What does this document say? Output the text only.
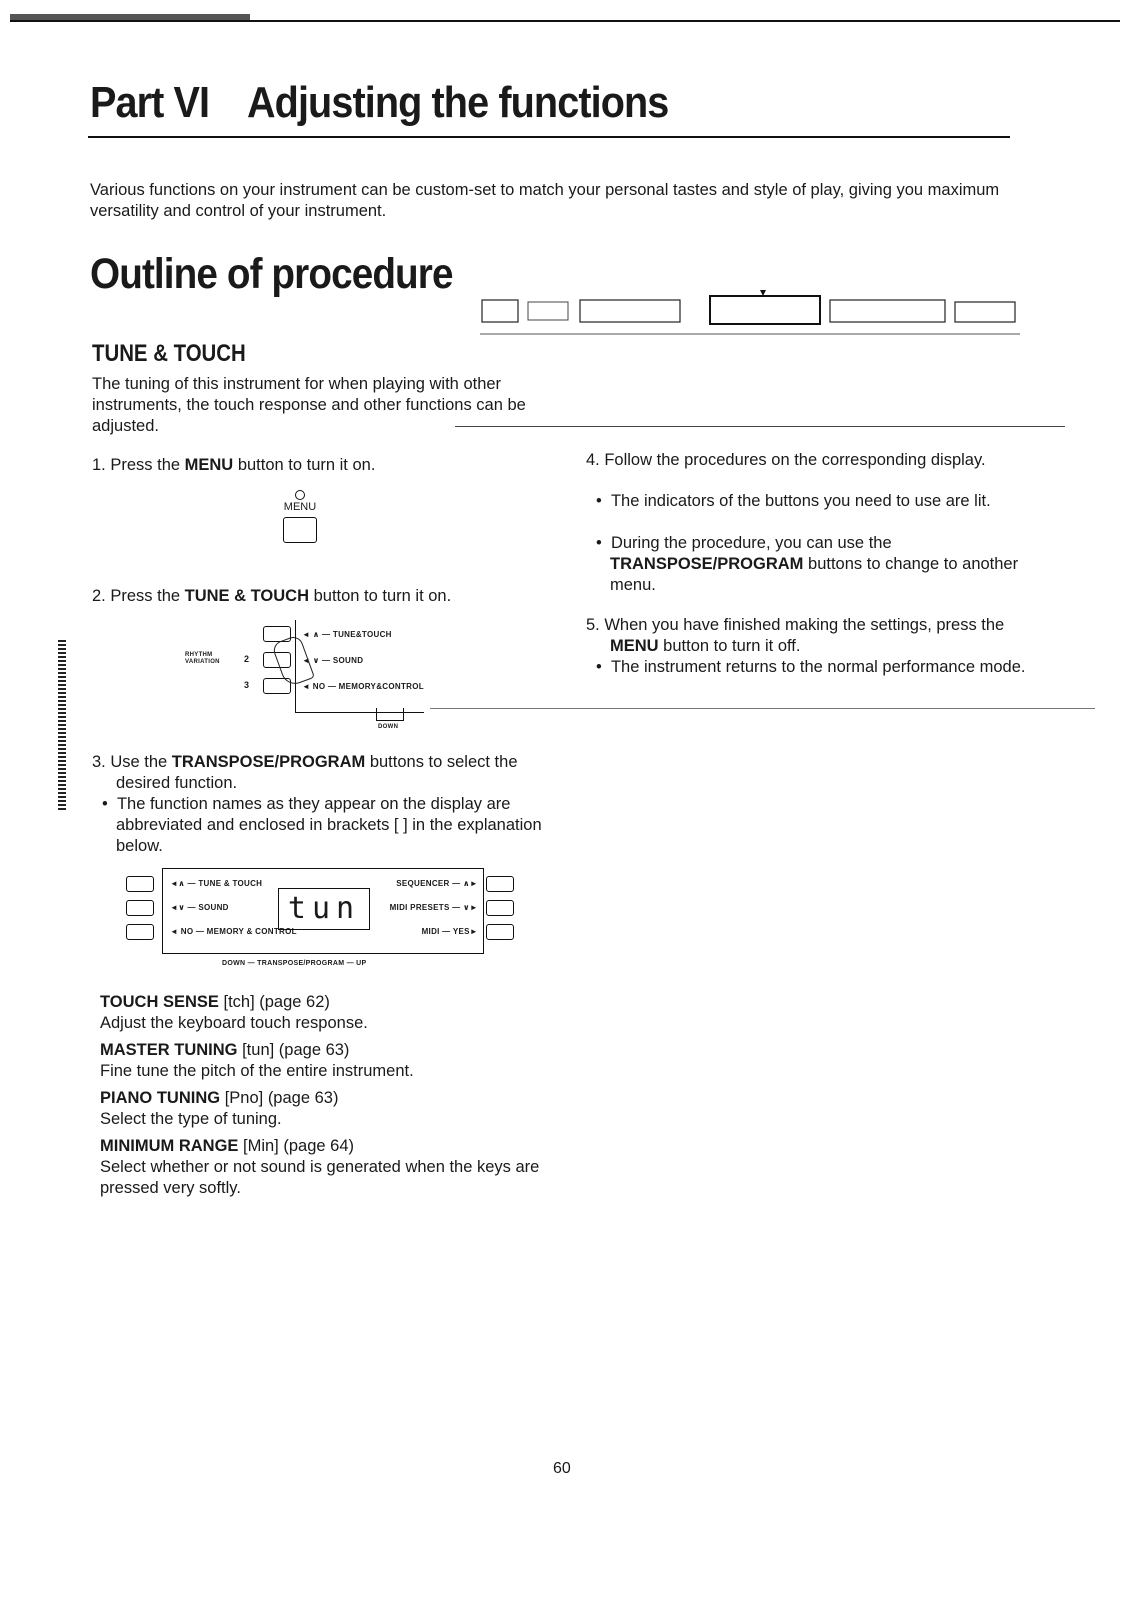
Part VI Adjusting the functions
Various functions on your instrument can be custom-set to match your personal tastes and style of play, giving you maximum versatility and control of your instrument.
Outline of procedure
TUNE & TOUCH
The tuning of this instrument for when playing with other instruments, the touch response and other functions can be adjusted.
1. Press the MENU button to turn it on.
MENU
2. Press the TUNE & TOUCH button to turn it on.
◄ ∧ — TUNE&TOUCH
◄ ∨ — SOUND
◄ NO — MEMORY&CONTROL
RHYTHM VARIATION	2
3
DOWN
3. Use the TRANSPOSE/PROGRAM buttons to select the desired function.
•  The function names as they appear on the display are abbreviated and enclosed in brackets [ ] in the explanation below.
4. Follow the procedures on the corresponding display.
•  The indicators of the buttons you need to use are lit.
•  During the procedure, you can use the TRANSPOSE/PROGRAM buttons to change to another menu.
5. When you have finished making the settings, press the MENU button to turn it off.
•  The instrument returns to the normal performance mode.
◄∧ — TUNE & TOUCH
◄∨ — SOUND
◄ NO — MEMORY & CONTROL
SEQUENCER — ∧►
MIDI PRESETS — ∨►
MIDI — YES►
tun
DOWN — TRANSPOSE/PROGRAM — UP
TOUCH SENSE [tch] (page 62)
Adjust the keyboard touch response.
MASTER TUNING [tun] (page 63)
Fine tune the pitch of the entire instrument.
PIANO TUNING [Pno] (page 63)
Select the type of tuning.
MINIMUM RANGE [Min] (page 64)
Select whether or not sound is generated when the keys are pressed very softly.
60
